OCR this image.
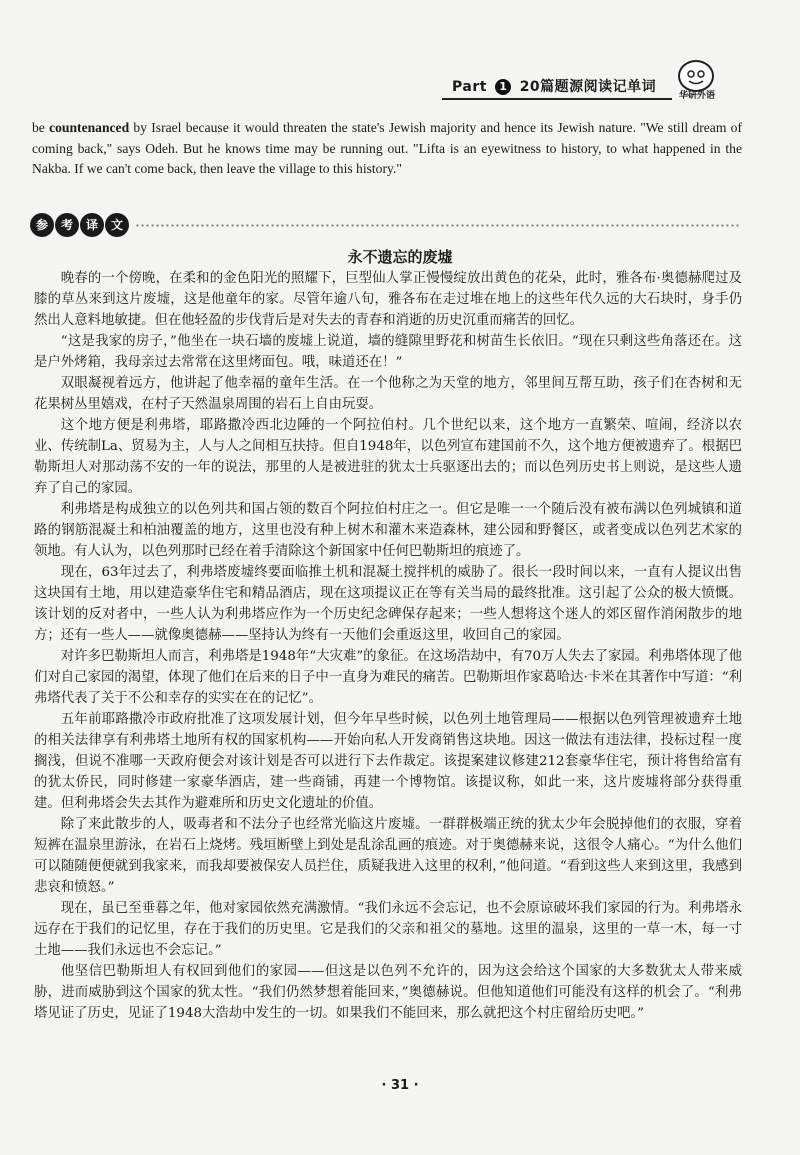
Part 1 20篇题源阅读记单词
华研外语
be countenanced by Israel because it would threaten the state's Jewish majority and hence its Jewish nature. "We still dream of coming back," says Odeh. But he knows time may be running out. "Lifta is an eyewitness to history, to what happened in the Nakba. If we can't come back, then leave the village to this history."
参	考	译	文
永不遗忘的废墟

晚春的一个傍晚，在柔和的金色阳光的照耀下，巨型仙人掌正慢慢绽放出黄色的花朵，此时，雅各布·奥德赫爬过及膝的草丛来到这片废墟，这是他童年的家。尽管年逾八旬，雅各布在走过堆在地上的这些年代久远的大石块时，身手仍然出人意料地敏捷。但在他轻盈的步伐背后是对失去的青春和消逝的历史沉重而痛苦的回忆。

“这是我家的房子，”他坐在一块石墙的废墟上说道，墙的缝隙里野花和树苗生长依旧。“现在只剩这些角落还在。这是户外烤箱，我母亲过去常常在这里烤面包。哦，味道还在！”

双眼凝视着远方，他讲起了他幸福的童年生活。在一个他称之为天堂的地方，邻里间互帮互助，孩子们在杏树和无花果树丛里嬉戏，在村子天然温泉周围的岩石上自由玩耍。

这个地方便是利弗塔，耶路撒冷西北边陲的一个阿拉伯村。几个世纪以来，这个地方一直繁荣、喧闹，经济以农业、传统制La、贸易为主，人与人之间相互扶持。但自1948年，以色列宣布建国前不久，这个地方便被遗弃了。根据巴勒斯坦人对那动荡不安的一年的说法，那里的人是被进驻的犹太士兵驱逐出去的；而以色列历史书上则说，是这些人遗弃了自己的家园。

利弗塔是构成独立的以色列共和国占领的数百个阿拉伯村庄之一。但它是唯一一个随后没有被布满以色列城镇和道路的钢筋混凝土和柏油覆盖的地方，这里也没有种上树木和灌木来造森林，建公园和野餐区，或者变成以色列艺术家的领地。有人认为，以色列那时已经在着手清除这个新国家中任何巴勒斯坦的痕迹了。

现在，63年过去了，利弗塔废墟终要面临推土机和混凝土搅拌机的威胁了。很长一段时间以来，一直有人提议出售这块国有土地，用以建造豪华住宅和精品酒店，现在这项提议正在等有关当局的最终批准。这引起了公众的极大愤慨。该计划的反对者中，一些人认为利弗塔应作为一个历史纪念碑保存起来；一些人想将这个迷人的郊区留作消闲散步的地方；还有一些人——就像奥德赫——坚持认为终有一天他们会重返这里，收回自己的家园。

对许多巴勒斯坦人而言，利弗塔是1948年“大灾难”的象征。在这场浩劫中，有70万人失去了家园。利弗塔体现了他们对自己家园的渴望，体现了他们在后来的日子中一直身为难民的痛苦。巴勒斯坦作家葛哈达·卡米在其著作中写道：“利弗塔代表了关于不公和幸存的实实在在的记忆”。

五年前耶路撒冷市政府批准了这项发展计划，但今年早些时候，以色列土地管理局——根据以色列管理被遗弃土地的相关法律享有利弗塔土地所有权的国家机构——开始向私人开发商销售这块地。因这一做法有违法律，投标过程一度搁浅，但说不准哪一天政府便会对该计划是否可以进行下去作裁定。该提案建议修建212套豪华住宅，预计将售给富有的犹太侨民，同时修建一家豪华酒店，建一些商铺，再建一个博物馆。该提议称，如此一来，这片废墟将部分获得重建。但利弗塔会失去其作为避难所和历史文化遗址的价值。

除了来此散步的人，吸毒者和不法分子也经常光临这片废墟。一群群极端正统的犹太少年会脱掉他们的衣服，穿着短裤在温泉里游泳，在岩石上烧烤。残垣断壁上到处是乱涂乱画的痕迹。对于奥德赫来说，这很令人痛心。“为什么他们可以随随便便就到我家来，而我却要被保安人员拦住，质疑我进入这里的权利，”他问道。“看到这些人来到这里，我感到悲哀和愤怒。”

现在，虽已至垂暮之年，他对家园依然充满激情。“我们永远不会忘记，也不会原谅破坏我们家园的行为。利弗塔永远存在于我们的记忆里，存在于我们的历史里。它是我们的父亲和祖父的墓地。这里的温泉，这里的一草一木，每一寸土地——我们永远也不会忘记。”

他坚信巴勒斯坦人有权回到他们的家园——但这是以色列不允许的，因为这会给这个国家的大多数犹太人带来威胁，进而威胁到这个国家的犹太性。“我们仍然梦想着能回来，”奥德赫说。但他知道他们可能没有这样的机会了。“利弗塔见证了历史，见证了1948大浩劫中发生的一切。如果我们不能回来，那么就把这个村庄留给历史吧。”

· 31 ·
